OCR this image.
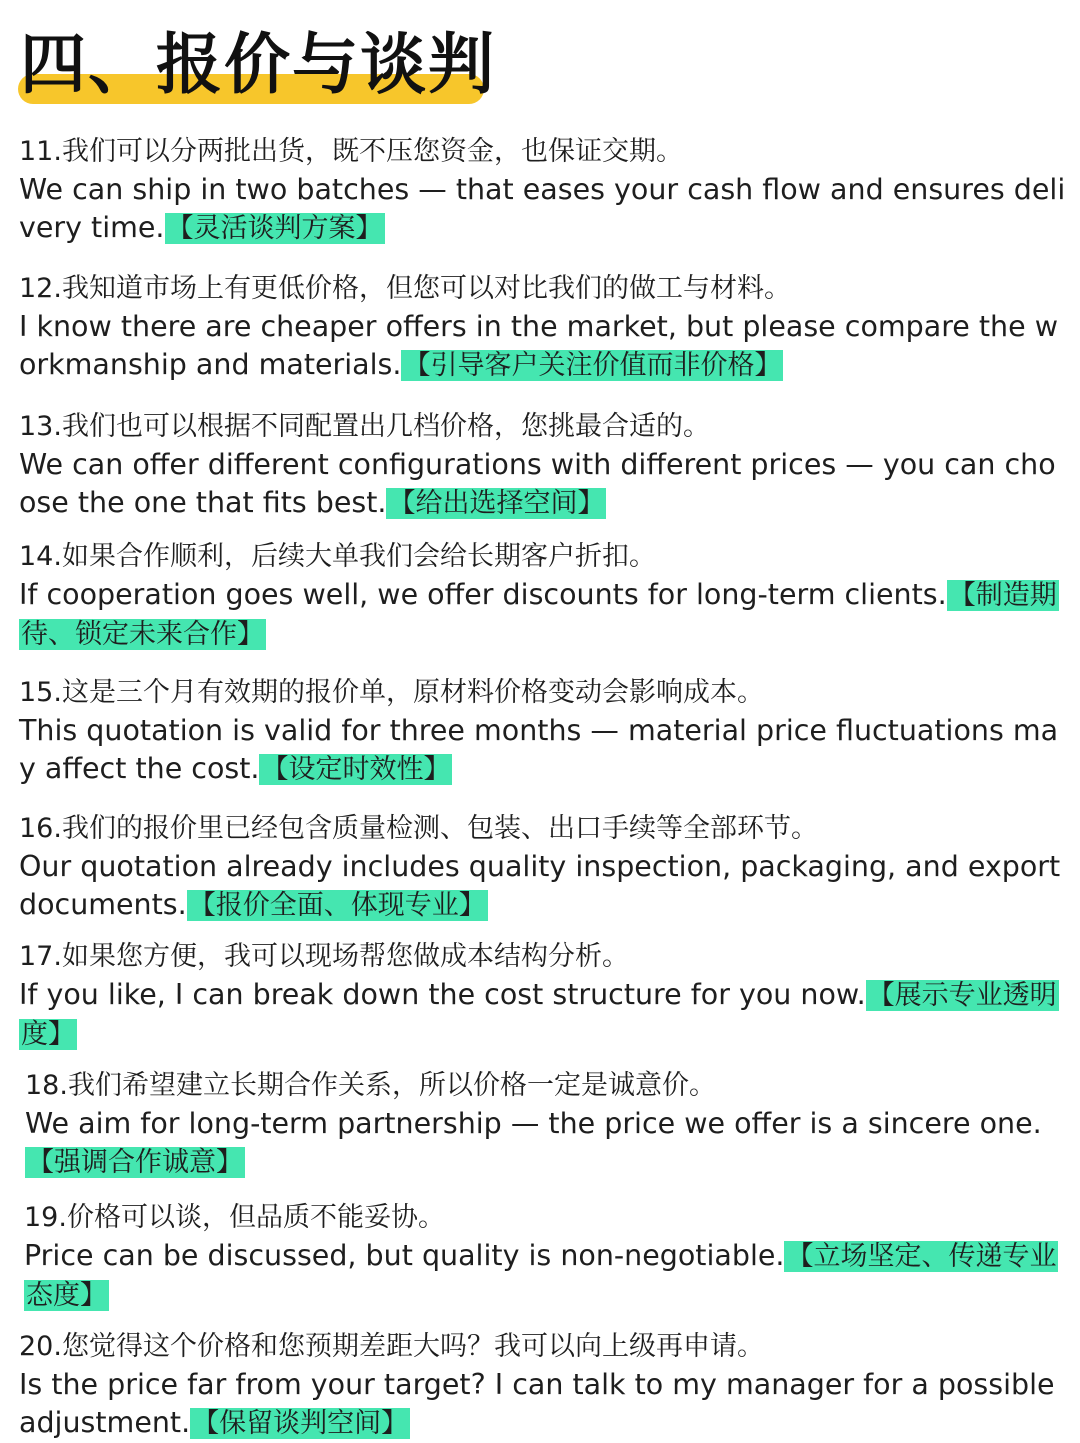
四、报价与谈判
11.我们可以分两批出货，既不压您资金，也保证交期。
We can ship in two batches — that eases your cash flow and ensures delivery time.【灵活谈判方案】
12.我知道市场上有更低价格，但您可以对比我们的做工与材料。
I know there are cheaper offers in the market, but please compare the workmanship and materials.【引导客户关注价值而非价格】
13.我们也可以根据不同配置出几档价格，您挑最合适的。
We can offer different configurations with different prices — you can choose the one that fits best.【给出选择空间】
14.如果合作顺利，后续大单我们会给长期客户折扣。
If cooperation goes well, we offer discounts for long-term clients.【制造期待、锁定未来合作】
15.这是三个月有效期的报价单，原材料价格变动会影响成本。
This quotation is valid for three months — material price fluctuations may affect the cost.【设定时效性】
16.我们的报价里已经包含质量检测、包装、出口手续等全部环节。
Our quotation already includes quality inspection, packaging, and export documents.【报价全面、体现专业】
17.如果您方便，我可以现场帮您做成本结构分析。
If you like, I can break down the cost structure for you now.【展示专业透明度】
18.我们希望建立长期合作关系，所以价格一定是诚意价。
We aim for long-term partnership — the price we offer is a sincere one.【强调合作诚意】
19.价格可以谈，但品质不能妥协。
Price can be discussed, but quality is non-negotiable.【立场坚定、传递专业态度】
20.您觉得这个价格和您预期差距大吗？我可以向上级再申请。
Is the price far from your target? I can talk to my manager for a possible adjustment.【保留谈判空间】
